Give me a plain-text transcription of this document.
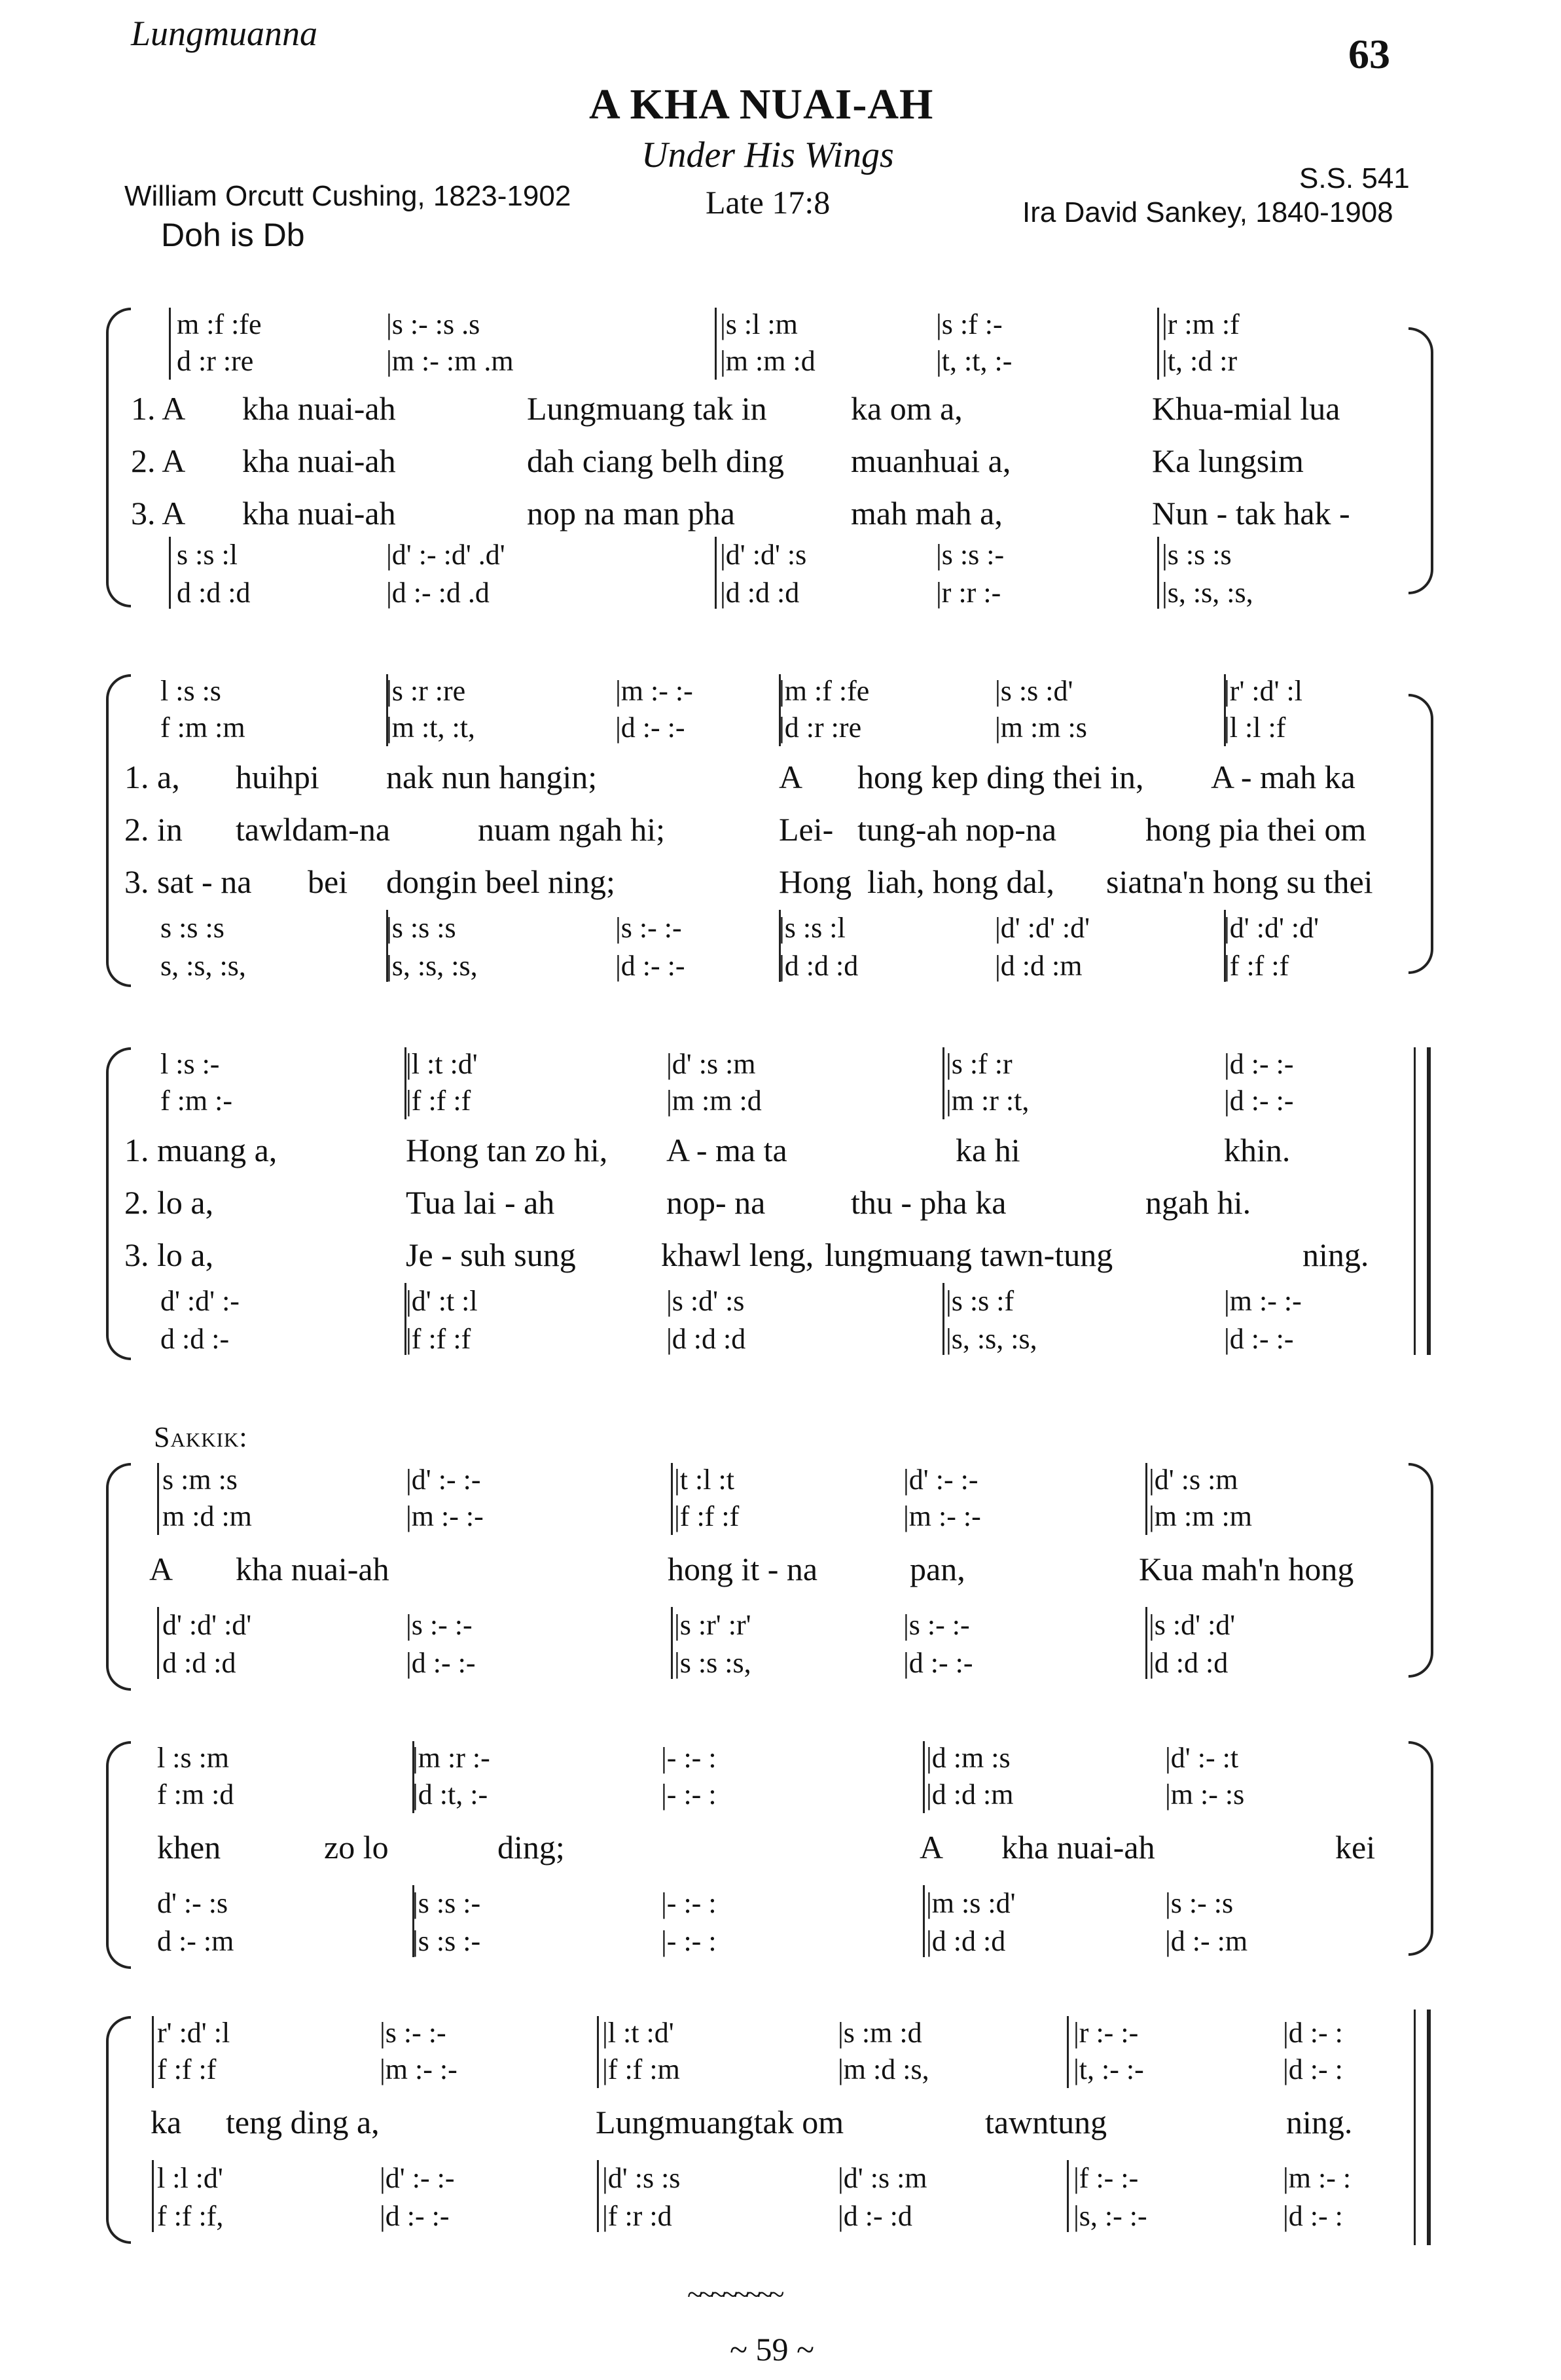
Lungmuanna	63
A KHA NUAI-AH
Under His Wings
William Orcutt Cushing, 1823-1902	Late 17:8
S.S. 541
Ira David Sankey, 1840-1908
Doh is Db
m :f :fe	|s :- :s .s	|s :l :m	|s :f :-	|r :m :f
d :r :re	|m :- :m .m	|m :m :d	|t, :t, :-	|t, :d :r
1. A kha nuai-ah	Lungmuang tak in	ka om a,	Khua-mial lua
2. A kha nuai-ah	dah ciang belh ding muanhuai a,	Ka lungsim
3. A kha nuai-ah	nop na man pha	mah mah a,	Nun - tak hak -
s :s :l	|d' :- :d' .d'	|d' :d' :s	|s :s :-	|s :s :s
d :d :d	|d :- :d .d	|d :d :d	|r :r :-	|s, :s, :s,
l :s :s	|s :r :re	|m :- :-	|m :f :fe	|s :s :d'	|r' :d' :l
f :m :m	|m :t, :t,	|d :- :-	|d :r :re	|m :m :s	|l :l :f
1. a, huihpi nak nun hangin;	A hong kep ding thei in, A - mah ka
2. in tawldam-na	nuam ngah hi;	Lei- tung-ah nop-na	hong pia thei om
3. sat - na bei dongin beel ning;	Hong liah, hong dal, siatna'n hong su thei
s :s :s	|s :s :s	|s :- :-	|s :s :l	|d' :d' :d'	|d' :d' :d'
s, :s, :s,	|s, :s, :s,	|d :- :-	|d :d :d	|d :d :m	|f :f :f
l :s :-	|l :t :d'	|d' :s :m	|s :f :r	|d :- :-
f :m :-	|f :f :f	|m :m :d	|m :r :t,	|d :- :-
1. muang a,	Hong tan zo hi, A - ma ta	ka hi	khin.
2. lo a,	Tua lai - ah	nop- na	thu - pha ka	ngah hi.
3. lo a,	Je - suh sung	khawl leng, lungmuang tawn-tung	ning.
d' :d' :-	|d' :t :l	|s :d' :s	|s :s :f	|m :- :-
d :d :-	|f :f :f	|d :d :d	|s, :s, :s,	|d :- :-
Sakkik:
s :m :s	|d' :- :-	|t :l :t	|d' :- :-	|d' :s :m
m :d :m	|m :- :-	|f :f :f	|m :- :-	|m :m :m
A kha nuai-ah	hong it - na	pan,	Kua mah'n hong
d' :d' :d'	|s :- :-	|s :r' :r'	|s :- :-	|s :d' :d'
d :d :d	|d :- :-	|s :s :s,	|d :- :-	|d :d :d
l :s :m	|m :r :-	|- :- :	|d :m :s	|d' :- :t
f :m :d	|d :t, :-	|- :- :	|d :d :m	|m :- :s
khen	zo lo	ding;	A kha nuai-ah	kei
d' :- :s	|s :s :-	|- :- :	|m :s :d'	|s :- :s
d :- :m	|s :s :-	|- :- :	|d :d :d	|d :- :m
r' :d' :l	|s :- :-	|l :t :d'	|s :m :d	|r :- :-	|d :- :
f :f :f	|m :- :-	|f :f :m	|m :d :s,	|t, :- :-	|d :- :
ka teng ding a,	Lungmuangtak om	tawntung	ning.
l :l :d'	|d' :- :-	|d' :s :s	|d' :s :m	|f :- :-	|m :- :
f :f :f,	|d :- :-	|f :r :d	|d :- :d	|s, :- :-	|d :- :
~~~~~~~~
~ 59 ~
